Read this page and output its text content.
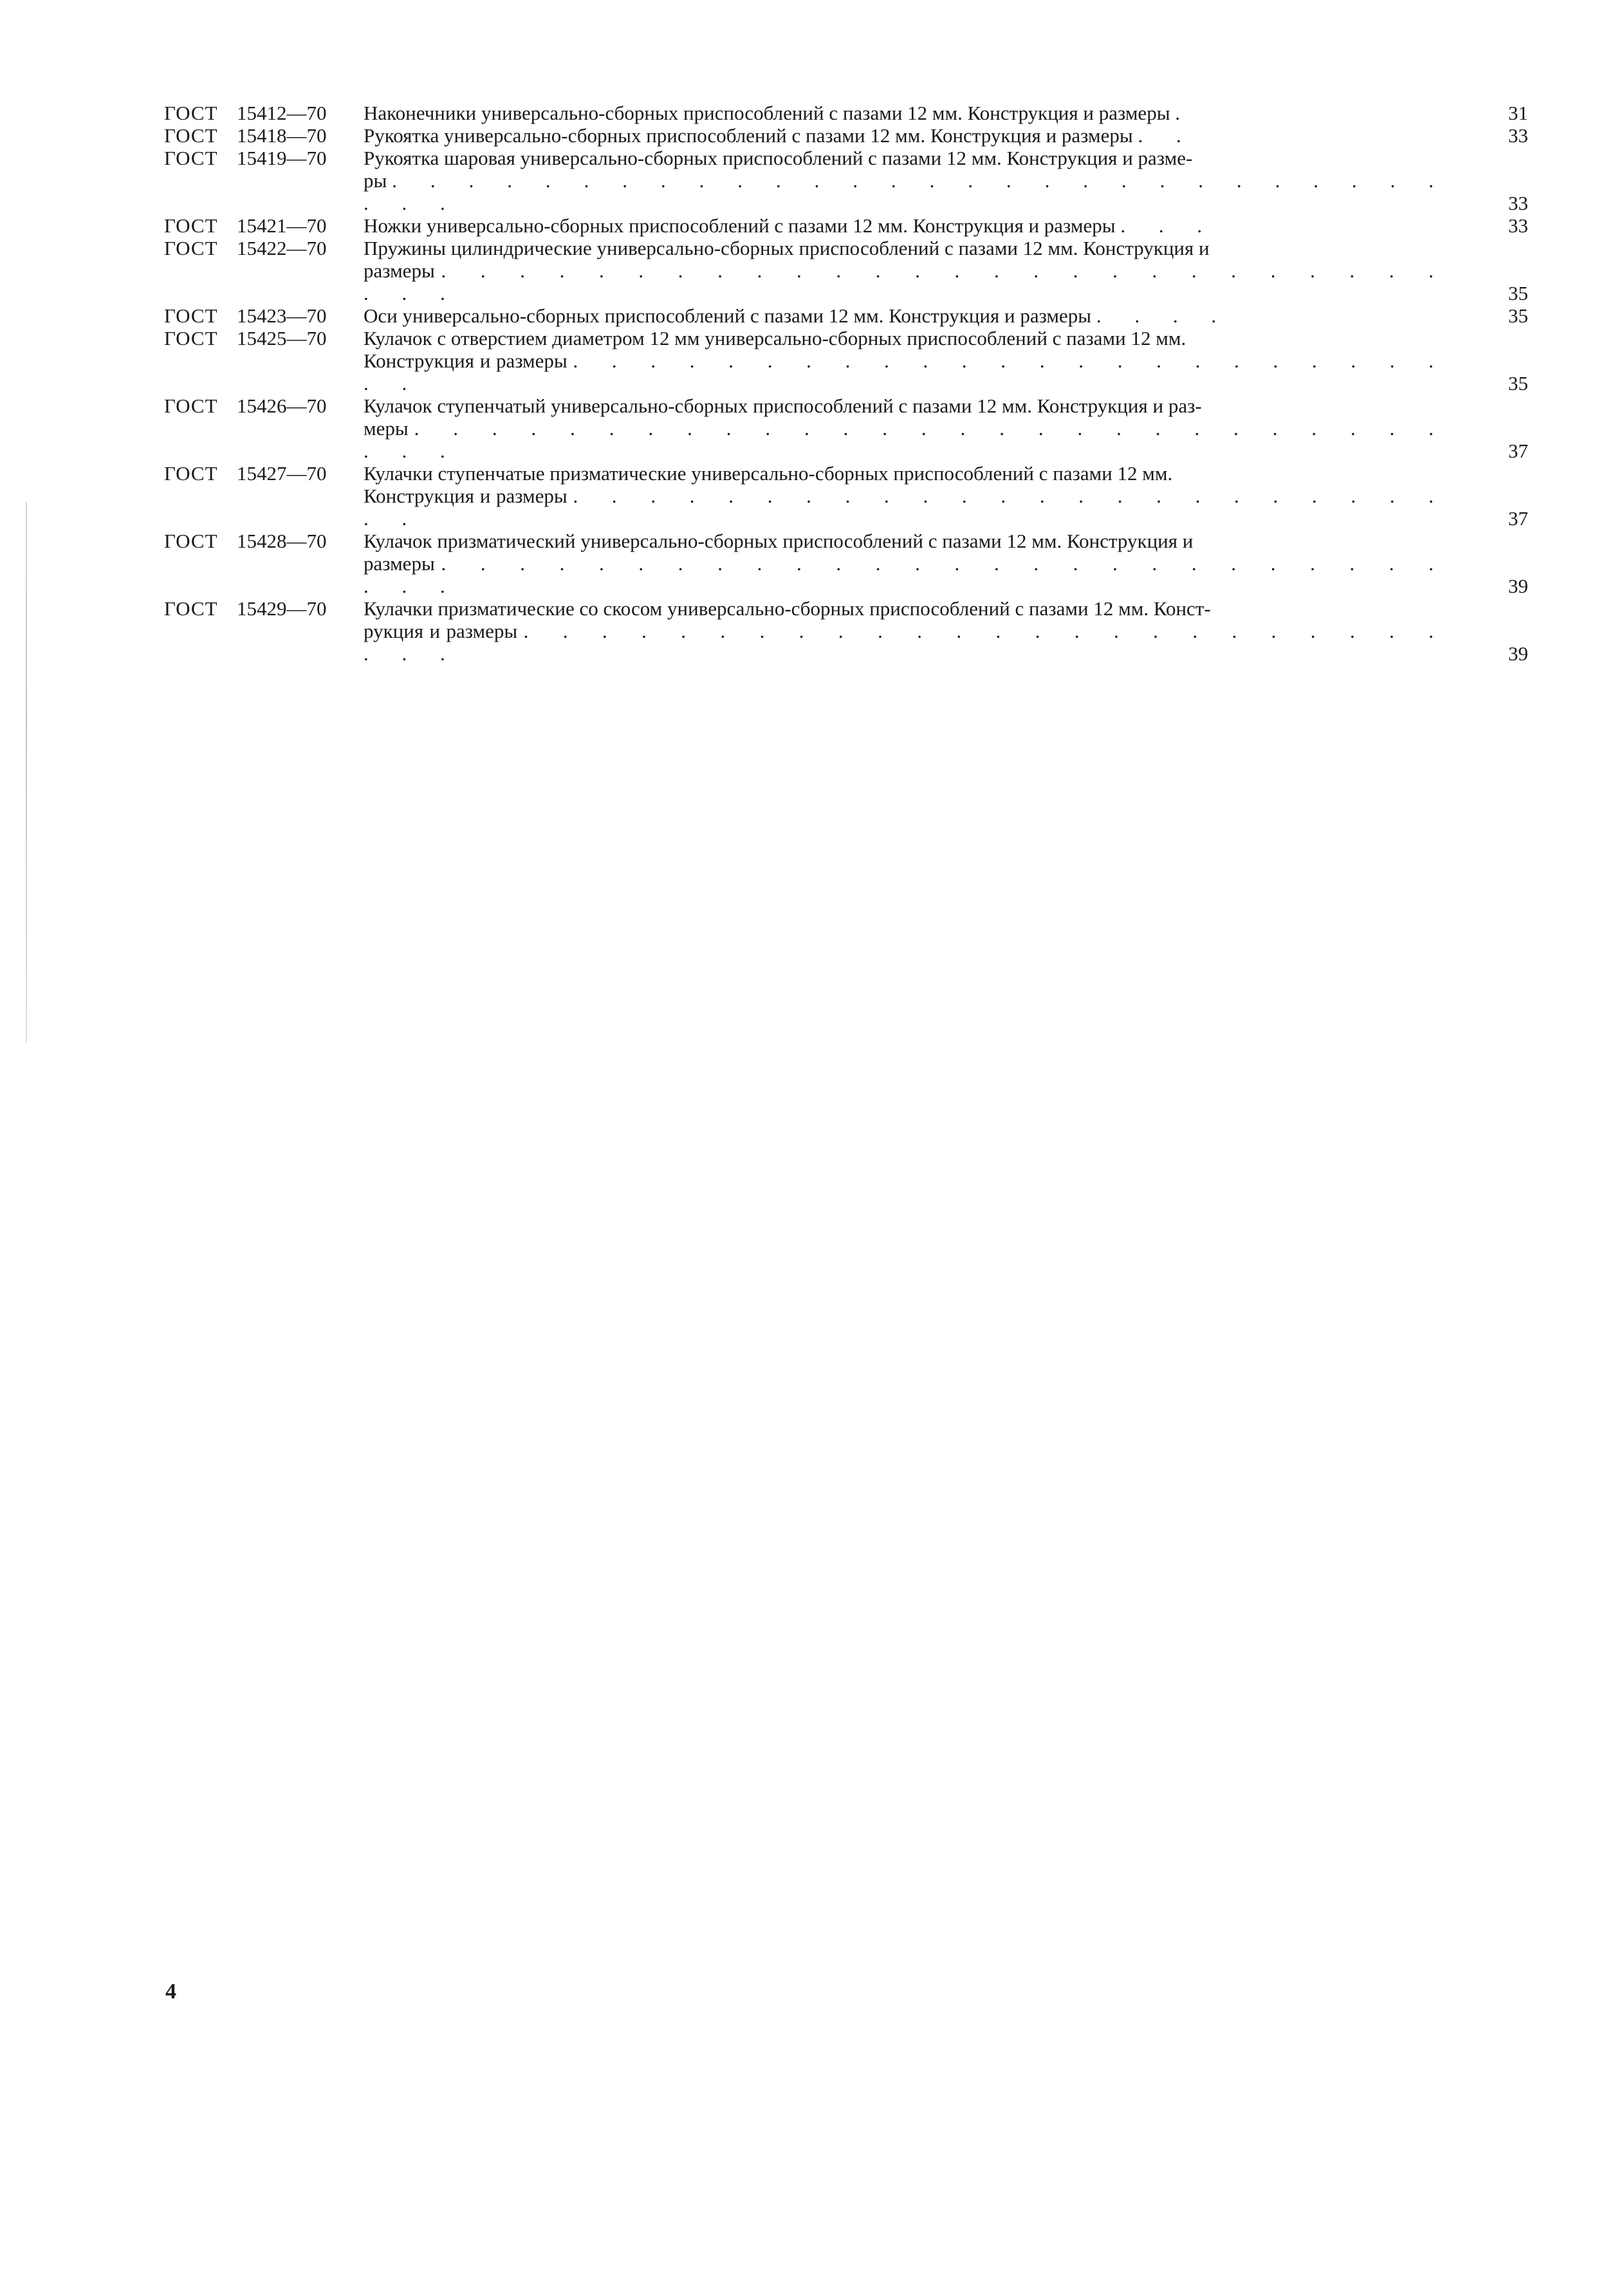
ГОСТ 15412—70	Наконечники универсально-сборных приспособлений с пазами 12 мм. Конструкция и размеры .	31
ГОСТ 15418—70	Рукоятка универсально-сборных приспособлений с пазами 12 мм. Конструкция и размеры . .	33
ГОСТ 15419—70	Рукоятка шаровая универсально-сборных приспособлений с пазами 12 мм. Конструкция и разме-
ры . . . . . . . . . . . . . . . . . . . . . . . . . . . . . . .	33
ГОСТ 15421—70	Ножки универсально-сборных приспособлений с пазами 12 мм. Конструкция и размеры . . .	33
ГОСТ 15422—70	Пружины цилиндрические универсально-сборных приспособлений с пазами 12 мм. Конструкция и
размеры . . . . . . . . . . . . . . . . . . . . . . . . . . . . .	35
ГОСТ 15423—70	Оси универсально-сборных приспособлений с пазами 12 мм. Конструкция и размеры . . . .	35
ГОСТ 15425—70	Кулачок с отверстием диаметром 12 мм универсально-сборных приспособлений с пазами 12 мм.
Конструкция и размеры . . . . . . . . . . . . . . . . . . . . . . . . .	35
ГОСТ 15426—70	Кулачок ступенчатый универсально-сборных приспособлений с пазами 12 мм. Конструкция и раз-
меры . . . . . . . . . . . . . . . . . . . . . . . . . . . . . .	37
ГОСТ 15427—70	Кулачки ступенчатые призматические универсально-сборных приспособлений с пазами 12 мм.
Конструкция и размеры . . . . . . . . . . . . . . . . . . . . . . . . .	37
ГОСТ 15428—70	Кулачок призматический универсально-сборных приспособлений с пазами 12 мм. Конструкция и
размеры . . . . . . . . . . . . . . . . . . . . . . . . . . . . .	39
ГОСТ 15429—70	Кулачки призматические со скосом универсально-сборных приспособлений с пазами 12 мм. Конст-
рукция и размеры . . . . . . . . . . . . . . . . . . . . . . . . . . .	39
4
